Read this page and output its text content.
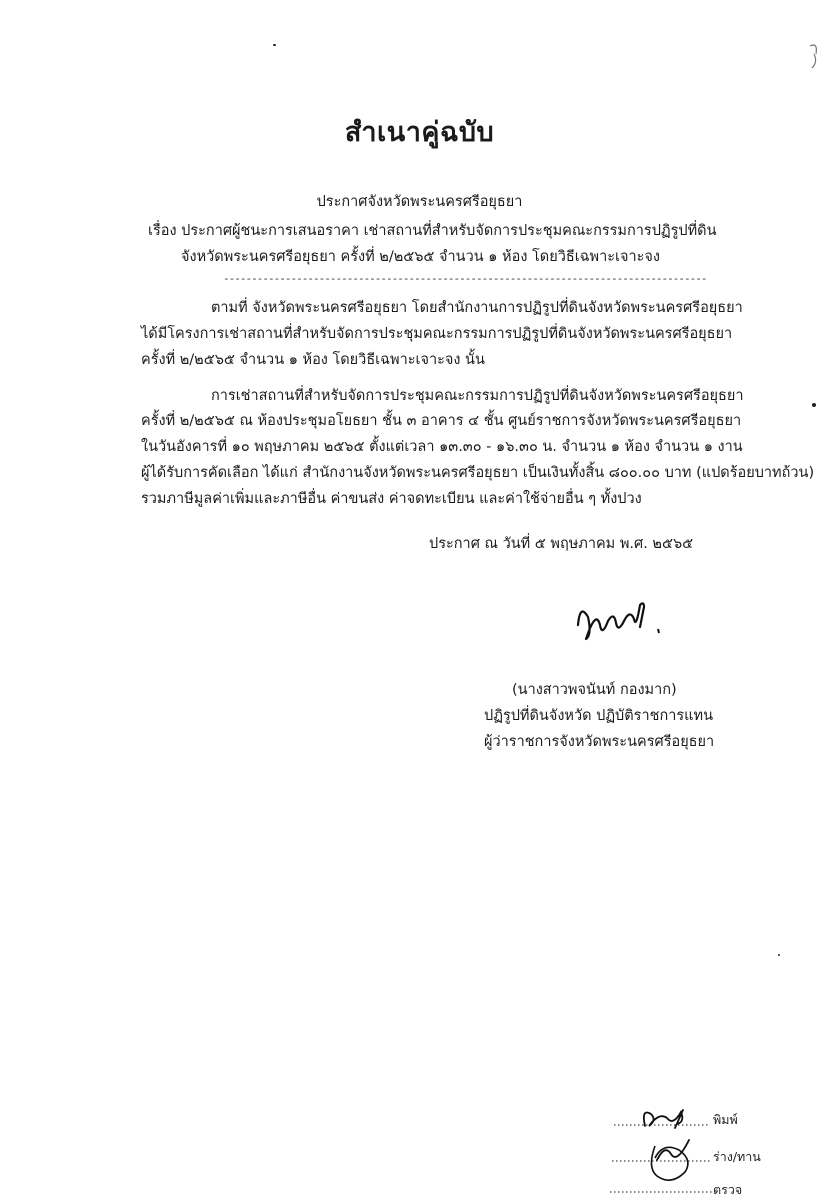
สำเนาคู่ฉบับ
ประกาศจังหวัดพระนครศรีอยุธยา
เรื่อง ประกาศผู้ชนะการเสนอราคา เช่าสถานที่สำหรับจัดการประชุมคณะกรรมการปฏิรูปที่ดิน
จังหวัดพระนครศรีอยุธยา ครั้งที่ ๒/๒๕๖๕ จำนวน ๑ ห้อง โดยวิธีเฉพาะเจาะจง
--------------------------------------------------------------------------------------
ตามที่ จังหวัดพระนครศรีอยุธยา โดยสำนักงานการปฏิรูปที่ดินจังหวัดพระนครศรีอยุธยา
ได้มีโครงการเช่าสถานที่สำหรับจัดการประชุมคณะกรรมการปฏิรูปที่ดินจังหวัดพระนครศรีอยุธยา
ครั้งที่ ๒/๒๕๖๕ จำนวน ๑ ห้อง โดยวิธีเฉพาะเจาะจง นั้น
การเช่าสถานที่สำหรับจัดการประชุมคณะกรรมการปฏิรูปที่ดินจังหวัดพระนครศรีอยุธยา
ครั้งที่ ๒/๒๕๖๕ ณ ห้องประชุมอโยธยา ชั้น ๓ อาคาร ๔ ชั้น ศูนย์ราชการจังหวัดพระนครศรีอยุธยา
ในวันอังคารที่ ๑๐ พฤษภาคม ๒๕๖๕ ตั้งแต่เวลา ๑๓.๓๐ - ๑๖.๓๐ น. จำนวน ๑ ห้อง จำนวน ๑ งาน
ผู้ได้รับการคัดเลือก ได้แก่ สำนักงานจังหวัดพระนครศรีอยุธยา เป็นเงินทั้งสิ้น ๘๐๐.๐๐ บาท (แปดร้อยบาทถ้วน)
รวมภาษีมูลค่าเพิ่มและภาษีอื่น ค่าขนส่ง ค่าจดทะเบียน และค่าใช้จ่ายอื่น ๆ ทั้งปวง
ประกาศ ณ วันที่ ๕ พฤษภาคม พ.ศ. ๒๕๖๕
(นางสาวพจนันท์ กองมาก)
ปฏิรูปที่ดินจังหวัด ปฏิบัติราชการแทน
ผู้ว่าราชการจังหวัดพระนครศรีอยุธยา
พิมพ์
ร่าง/ทาน
ตรวจ
